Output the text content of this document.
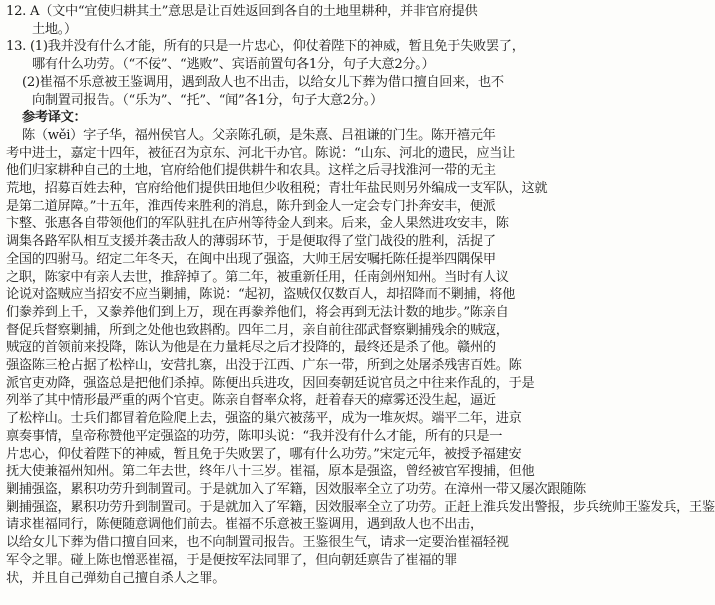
12. A（文中“宜使归耕其土”意思是让百姓返回到各自的土地里耕种，并非官府提供
土地。）
13. (1)我并没有什么才能，所有的只是一片忠心，仰仗着陛下的神威，暂且免于失败罢了，
哪有什么功劳。（“不佞”、“逃败”、宾语前置句各1分，句子大意2分。）
(2)崔福不乐意被王鉴调用，遇到敌人也不出击，以给女儿下葬为借口擅自回来，也不
向制置司报告。（“乐为”、“托”、“闻”各1分，句子大意2分。）
参考译文：
陈（wěi）字子华，福州侯官人。父亲陈孔硕，是朱熹、吕祖谦的门生。陈开禧元年
考中进士，嘉定十四年，被征召为京东、河北干办官。陈说：“山东、河北的遗民，应当让
他们归家耕种自己的土地，官府给他们提供耕牛和农具。这样之后寻找淮河一带的无主
荒地，招募百姓去种，官府给他们提供田地但少收租税；青壮年盐民则另外编成一支军队，这就
是第二道屏障。”十五年，淮西传来胜利的消息，陈升到金人一定会专门扑奔安丰，便派
卞整、张惠各自带领他们的军队驻扎在庐州等待金人到来。后来，金人果然进攻安丰，陈
调集各路军队相互支援并袭击敌人的薄弱环节，于是便取得了堂门战役的胜利，活捉了
全国的四驸马。绍定二年冬天，在闽中出现了强盗，大帅王居安嘱托陈任提举四隅保甲
之职，陈家中有亲人去世，推辞掉了。第二年，被重新任用，任南剑州知州。当时有人议
论说对盗贼应当招安不应当剿捕，陈说：“起初，盗贼仅仅数百人，却招降而不剿捕，将他
们豢养到上千，又豢养他们到上万，现在再豢养他们，将会再到无法计数的地步。”陈亲自
督促兵督察剿捕，所到之处他也致斟酌。四年二月，亲自前往邵武督察剿捕残余的贼寇，
贼寇的首领前来投降，陈认为他是在力量耗尽之后才投降的，最终还是杀了他。赣州的
强盗陈三枪占据了松梓山，安营扎寨，出没于江西、广东一带，所到之处屠杀残害百姓。陈
派官吏劝降，强盗总是把他们杀掉。陈便出兵进攻，因回奏朝廷说官员之中往来作乱的，于是
列举了其中情形最严重的两个官吏。陈亲自督率众将，赶着春天的瘴雾还没生起，逼近
了松梓山。士兵们都冒着危险爬上去，强盗的巢穴被荡平，成为一堆灰烬。端平二年，进京
禀奏事情，皇帝称赞他平定强盗的功劳，陈叩头说：“我并没有什么才能，所有的只是一
片忠心，仰仗着陛下的神威，暂且免于失败罢了，哪有什么功劳。”宋定元年，被授予福建安
抚大使兼福州知州。第二年去世，终年八十三岁。崔福，原本是强盗，曾经被官军搜捕，但他
剿捕强盗，累积功劳升到制置司。于是就加入了军籍，因效服率全立了功劳。在漳州一带又屡次跟随陈
剿捕强盗，累积功劳升到制置司。于是就加入了军籍，因效服率全立了功劳。正赶上淮兵发出警报，步兵统帅王鉴发兵，王鉴
请求崔福同行，陈便随意调他们前去。崔福不乐意被王鉴调用，遇到敌人也不出击，
以给女儿下葬为借口擅自回来，也不向制置司报告。王鉴很生气，请求一定要治崔福轻视
军令之罪。碰上陈也憎恶崔福，于是便按军法同罪了，但向朝廷禀告了崔福的罪
状，并且自己弹劾自己擅自杀人之罪。
